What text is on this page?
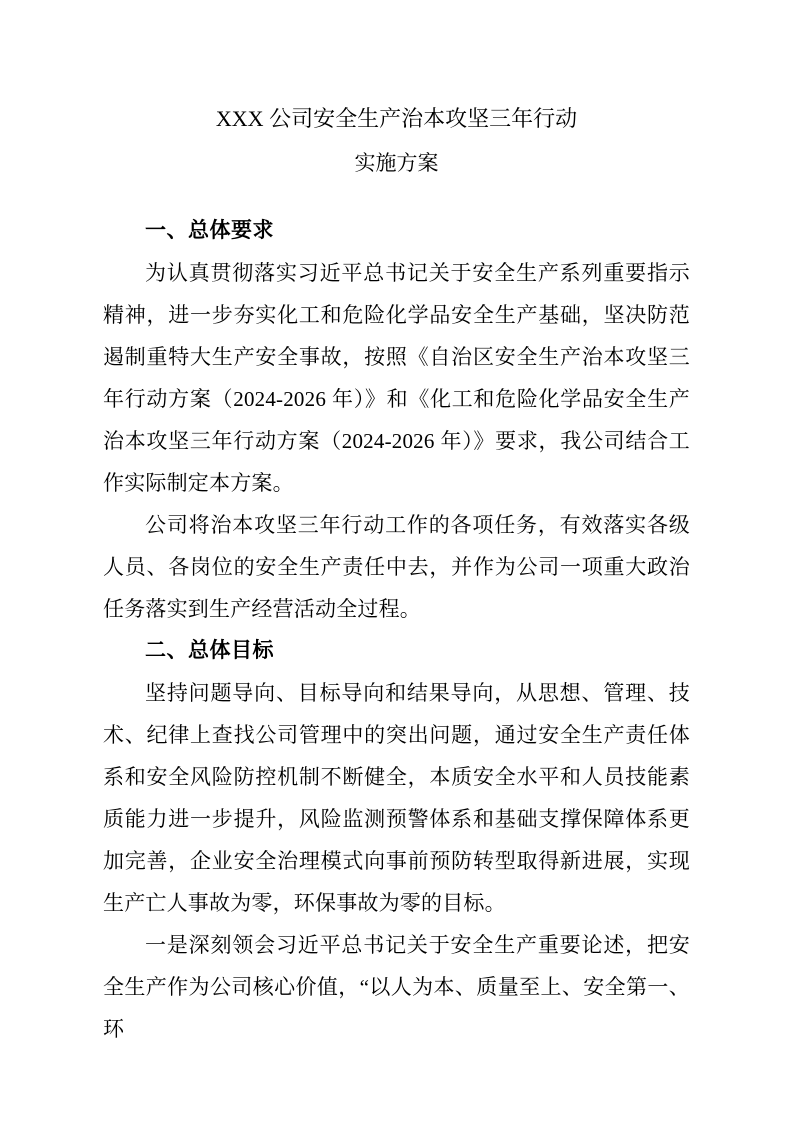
XXX 公司安全生产治本攻坚三年行动
实施方案
一、总体要求

为认真贯彻落实习近平总书记关于安全生产系列重要指示精神，进一步夯实化工和危险化学品安全生产基础，坚决防范遏制重特大生产安全事故，按照《自治区安全生产治本攻坚三年行动方案（2024-2026 年）》和《化工和危险化学品安全生产治本攻坚三年行动方案（2024-2026 年）》要求，我公司结合工作实际制定本方案。

公司将治本攻坚三年行动工作的各项任务，有效落实各级人员、各岗位的安全生产责任中去，并作为公司一项重大政治任务落实到生产经营活动全过程。

二、总体目标

坚持问题导向、目标导向和结果导向，从思想、管理、技术、纪律上查找公司管理中的突出问题，通过安全生产责任体系和安全风险防控机制不断健全，本质安全水平和人员技能素质能力进一步提升，风险监测预警体系和基础支撑保障体系更加完善，企业安全治理模式向事前预防转型取得新进展，实现生产亡人事故为零，环保事故为零的目标。

一是深刻领会习近平总书记关于安全生产重要论述，把安全生产作为公司核心价值，“以人为本、质量至上、安全第一、环
